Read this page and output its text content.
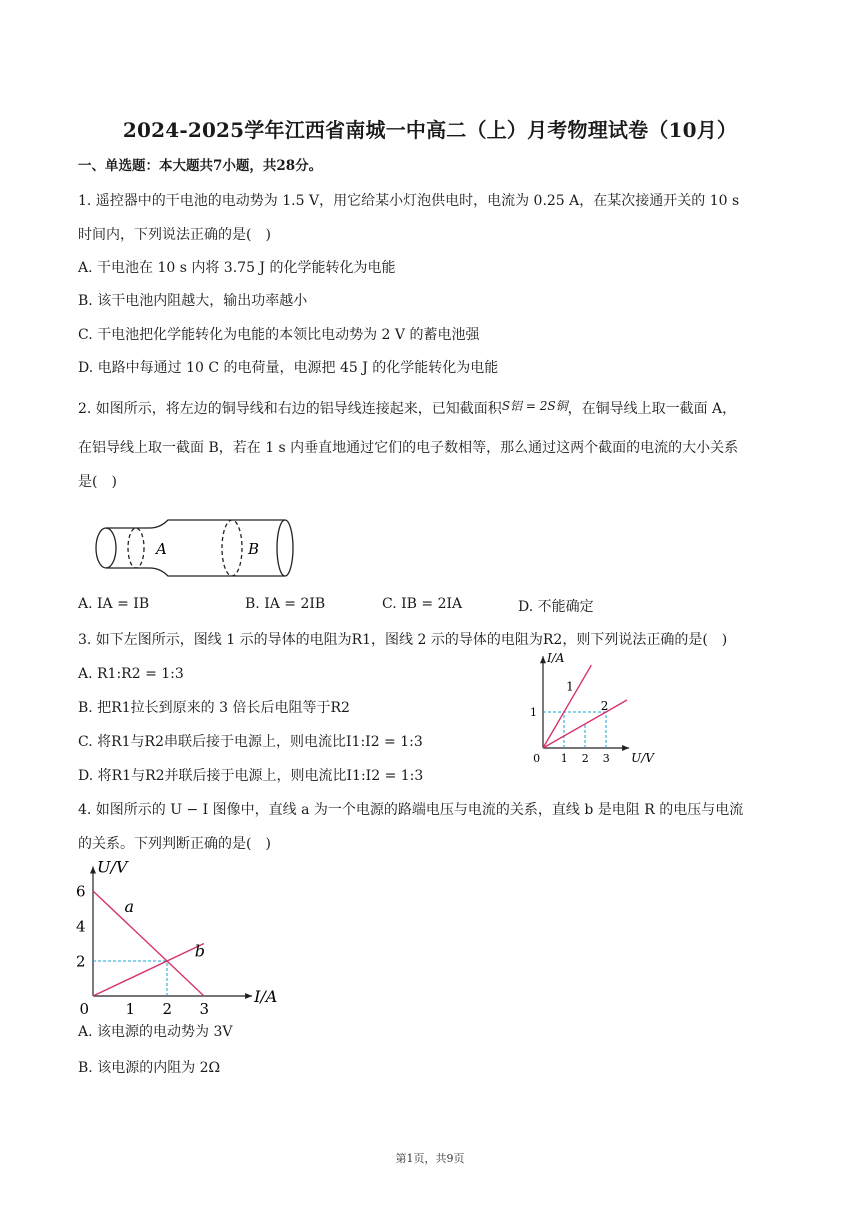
2024-2025学年江西省南城一中高二（上）月考物理试卷（10月）
一、单选题：本大题共7小题，共28分。
1. 遥控器中的干电池的电动势为 1.5 V，用它给某小灯泡供电时，电流为 0.25 A，在某次接通开关的 10 s
时间内，下列说法正确的是(　)
A. 干电池在 10 s 内将 3.75 J 的化学能转化为电能
B. 该干电池内阻越大，输出功率越小
C. 干电池把化学能转化为电能的本领比电动势为 2 V 的蓄电池强
D. 电路中每通过 10 C 的电荷量，电源把 45 J 的化学能转化为电能
2. 如图所示，将左边的铜导线和右边的铝导线连接起来，已知截面积S铝 = 2S铜，在铜导线上取一截面 A，
在铝导线上取一截面 B，若在 1 s 内垂直地通过它们的电子数相等，那么通过这两个截面的电流的大小关系
是(　)
A	B
A. IA = IB	B. IA = 2IB	C. IB = 2IA	D. 不能确定
3. 如下左图所示，图线 1 示的导体的电阻为R1，图线 2 示的导体的电阻为R2，则下列说法正确的是(　)
A. R1:R2 = 1:3
B. 把R1拉长到原来的 3 倍长后电阻等于R2
C. 将R1与R2串联后接于电源上，则电流比I1:I2 = 1:3
D. 将R1与R2并联后接于电源上，则电流比I1:I2 = 1:3
U/V
I/A
0 1 2 3
1
1
2
4. 如图所示的 U − I 图像中，直线 a 为一个电源的路端电压与电流的关系，直线 b 是电阻 R 的电压与电流
的关系。下列判断正确的是(　)
I/A
U/V
0 1 2 3
2
4
6
a
b
A. 该电源的电动势为 3V
B. 该电源的内阻为 2Ω
第1页，共9页
